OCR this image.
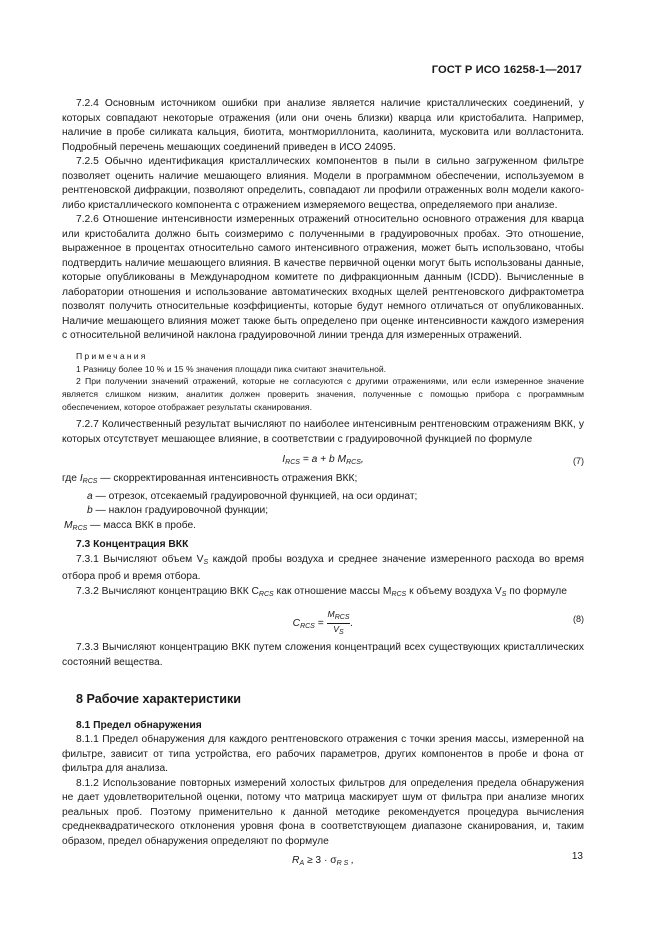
ГОСТ Р ИСО 16258-1—2017

7.2.4 Основным источником ошибки при анализе является наличие кристаллических соединений, у которых совпадают некоторые отражения (или они очень близки) кварца или кристобалита. Например, наличие в пробе силиката кальция, биотита, монтмориллонита, каолинита, мусковита или волластонита. Подробный перечень мешающих соединений приведен в ИСО 24095.

7.2.5 Обычно идентификация кристаллических компонентов в пыли в сильно загруженном фильтре позволяет оценить наличие мешающего влияния. Модели в программном обеспечении, используемом в рентгеновской дифракции, позволяют определить, совпадают ли профили отраженных волн модели какого-либо кристаллического компонента с отражением измеряемого вещества, определяемого при анализе.

7.2.6 Отношение интенсивности измеренных отражений относительно основного отражения для кварца или кристобалита должно быть соизмеримо с полученными в градуировочных пробах. Это отношение, выраженное в процентах относительно самого интенсивного отражения, может быть использовано, чтобы подтвердить наличие мешающего влияния. В качестве первичной оценки могут быть использованы данные, которые опубликованы в Международном комитете по дифракционным данным (ICDD). Вычисленные в лаборатории отношения и использование автоматических входных щелей рентгеновского дифрактометра позволят получить относительные коэффициенты, которые будут немного отличаться от опубликованных. Наличие мешающего влияния может также быть определено при оценке интенсивности каждого измерения с относительной величиной наклона градуировочной линии тренда для измеренных отражений.

Примечания

1 Разницу более 10 % и 15 % значения площади пика считают значительной.

2 При получении значений отражений, которые не согласуются с другими отражениями, или если измеренное значение является слишком низким, аналитик должен проверить значения, полученные с помощью прибора с программным обеспечением, которое отображает результаты сканирования.

7.2.7 Количественный результат вычисляют по наиболее интенсивным рентгеновским отражениям ВКК, у которых отсутствует мешающее влияние, в соответствии с градуировочной функцией по формуле

$I_{RCS} = a + b$ $M_{RCS}$,	(7)
где $I_{RCS}$ — скорректированная интенсивность отражения ВКК;
a — отрезок, отсекаемый градуировочной функцией, на оси ординат;
b — наклон градуировочной функции;
$M_{RCS}$ — масса ВКК в пробе.
7.3 Концентрация ВКК

7.3.1 Вычисляют объем $V_S$ каждой пробы воздуха и среднее значение измеренного расхода во время отбора проб и время отбора.

7.3.2 Вычисляют концентрацию ВКК $C_{RCS}$ как отношение массы $M_{RCS}$ к объему воздуха $V_S$ по формуле

$C_{RCS} = \frac{M_{RCS}}{V_S}$ .	(8)

7.3.3 Вычисляют концентрацию ВКК путем сложения концентраций всех существующих кристаллических состояний вещества.

8 Рабочие характеристики
8.1 Предел обнаружения

8.1.1 Предел обнаружения для каждого рентгеновского отражения с точки зрения массы, измеренной на фильтре, зависит от типа устройства, его рабочих параметров, других компонентов в пробе и фона от фильтра для анализа.

8.1.2 Использование повторных измерений холостых фильтров для определения предела обнаружения не дает удовлетворительной оценки, потому что матрица маскирует шум от фильтра при анализе многих реальных проб. Поэтому применительно к данной методике рекомендуется процедура вычисления среднеквадратического отклонения уровня фона в соответствующем диапазоне сканирования, и, таким образом, предел обнаружения определяют по формуле

$R_A \ge 3 \cdot \sigma_{R S}$ ,	13
